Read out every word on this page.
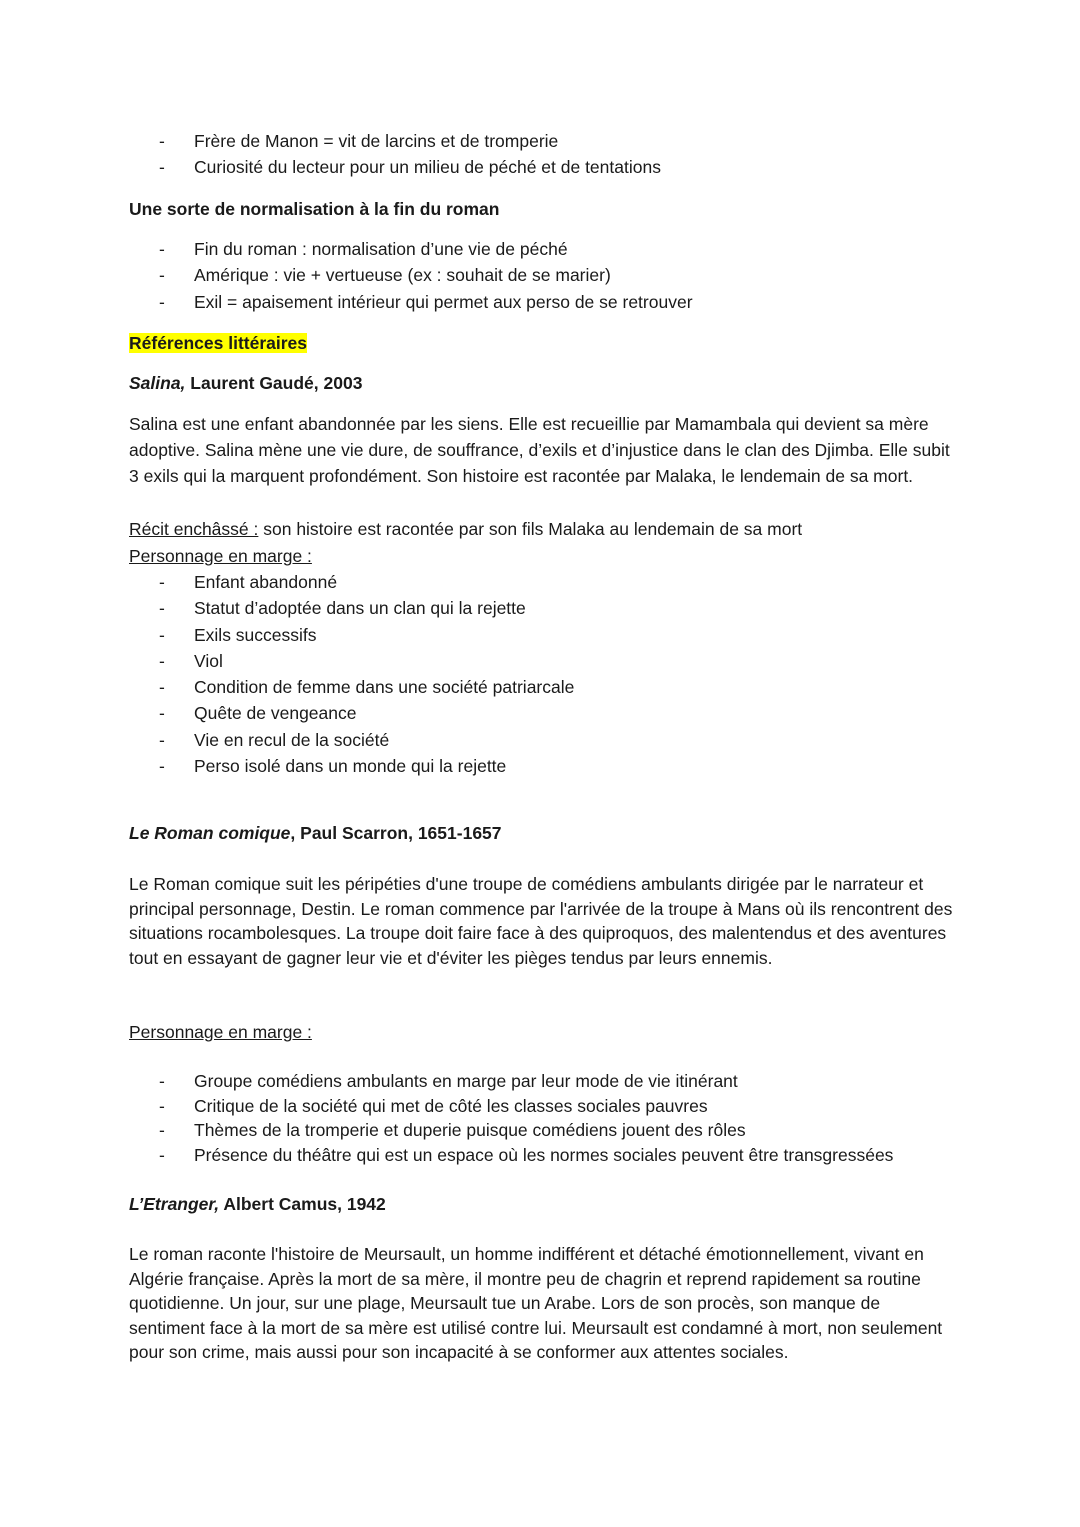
- Frère de Manon = vit de larcins et de tromperie
- Curiosité du lecteur pour un milieu de péché et de tentations

Une sorte de normalisation à la fin du roman

- Fin du roman : normalisation d’une vie de péché
- Amérique : vie + vertueuse (ex : souhait de se marier)
- Exil = apaisement intérieur qui permet aux perso de se retrouver

Références littéraires

Salina, Laurent Gaudé, 2003

Salina est une enfant abandonnée par les siens. Elle est recueillie par Mamambala qui devient sa mère adoptive. Salina mène une vie dure, de souffrance, d’exils et d’injustice dans le clan des Djimba. Elle subit 3 exils qui la marquent profondément. Son histoire est racontée par Malaka, le lendemain de sa mort.

Récit enchâssé : son histoire est racontée par son fils Malaka au lendemain de sa mort

Personnage en marge :

- Enfant abandonné
- Statut d’adoptée dans un clan qui la rejette
- Exils successifs
- Viol
- Condition de femme dans une société patriarcale
- Quête de vengeance
- Vie en recul de la société
- Perso isolé dans un monde qui la rejette

Le Roman comique, Paul Scarron, 1651-1657

Le Roman comique suit les péripéties d'une troupe de comédiens ambulants dirigée par le narrateur et principal personnage, Destin. Le roman commence par l'arrivée de la troupe à Mans où ils rencontrent des situations rocambolesques. La troupe doit faire face à des quiproquos, des malentendus et des aventures tout en essayant de gagner leur vie et d'éviter les pièges tendus par leurs ennemis.

Personnage en marge :

- Groupe comédiens ambulants en marge par leur mode de vie itinérant
- Critique de la société qui met de côté les classes sociales pauvres
- Thèmes de la tromperie et duperie puisque comédiens jouent des rôles
- Présence du théâtre qui est un espace où les normes sociales peuvent être transgressées

L’Etranger, Albert Camus, 1942

Le roman raconte l'histoire de Meursault, un homme indifférent et détaché émotionnellement, vivant en Algérie française. Après la mort de sa mère, il montre peu de chagrin et reprend rapidement sa routine quotidienne. Un jour, sur une plage, Meursault tue un Arabe. Lors de son procès, son manque de sentiment face à la mort de sa mère est utilisé contre lui. Meursault est condamné à mort, non seulement pour son crime, mais aussi pour son incapacité à se conformer aux attentes sociales.
